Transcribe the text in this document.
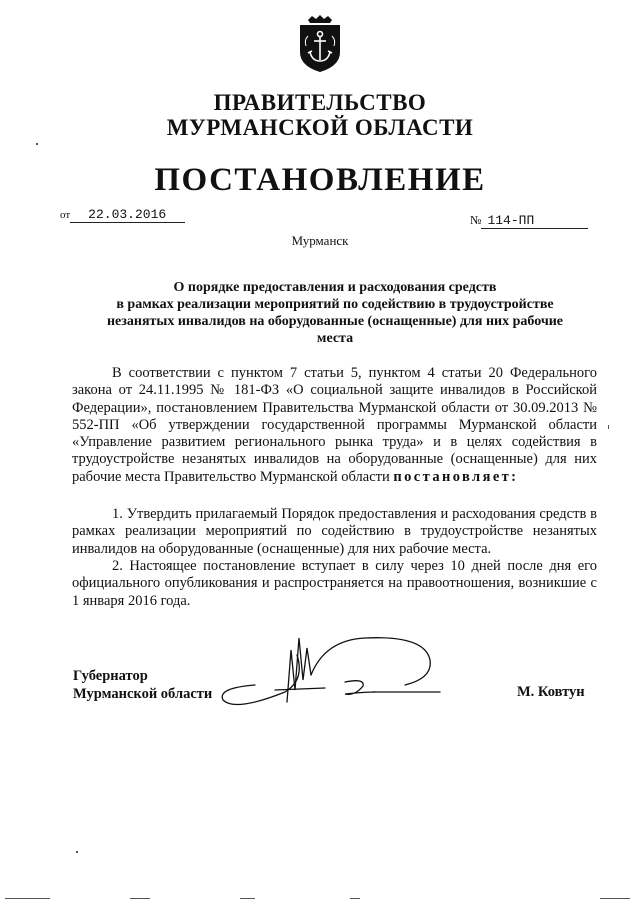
ПРАВИТЕЛЬСТВО
МУРМАНСКОЙ ОБЛАСТИ
ПОСТАНОВЛЕНИЕ
от 22.03.2016	№ 114-ПП
Мурманск
О порядке предоставления и расходования средств
в рамках реализации мероприятий по содействию в трудоустройстве
незанятых инвалидов на оборудованные (оснащенные) для них рабочие
места
В соответствии с пунктом 7 статьи 5, пунктом 4 статьи 20 Федерального закона от 24.11.1995 № 181-ФЗ «О социальной защите инвалидов в Российской Федерации», постановлением Правительства Мурманской области от 30.09.2013 № 552-ПП «Об утверждении государственной программы Мурманской области «Управление развитием регионального рынка труда» и в целях содействия в трудоустройстве незанятых инвалидов на оборудованные (оснащенные) для них рабочие места Правительство Мурманской области постановляет:
1. Утвердить прилагаемый Порядок предоставления и расходования средств в рамках реализации мероприятий по содействию в трудоустройстве незанятых инвалидов на оборудованные (оснащенные) для них рабочие места.
2. Настоящее постановление вступает в силу через 10 дней после дня его официального опубликования и распространяется на правоотношения, возникшие с 1 января 2016 года.
Губернатор
Мурманской области	М. Ковтун
